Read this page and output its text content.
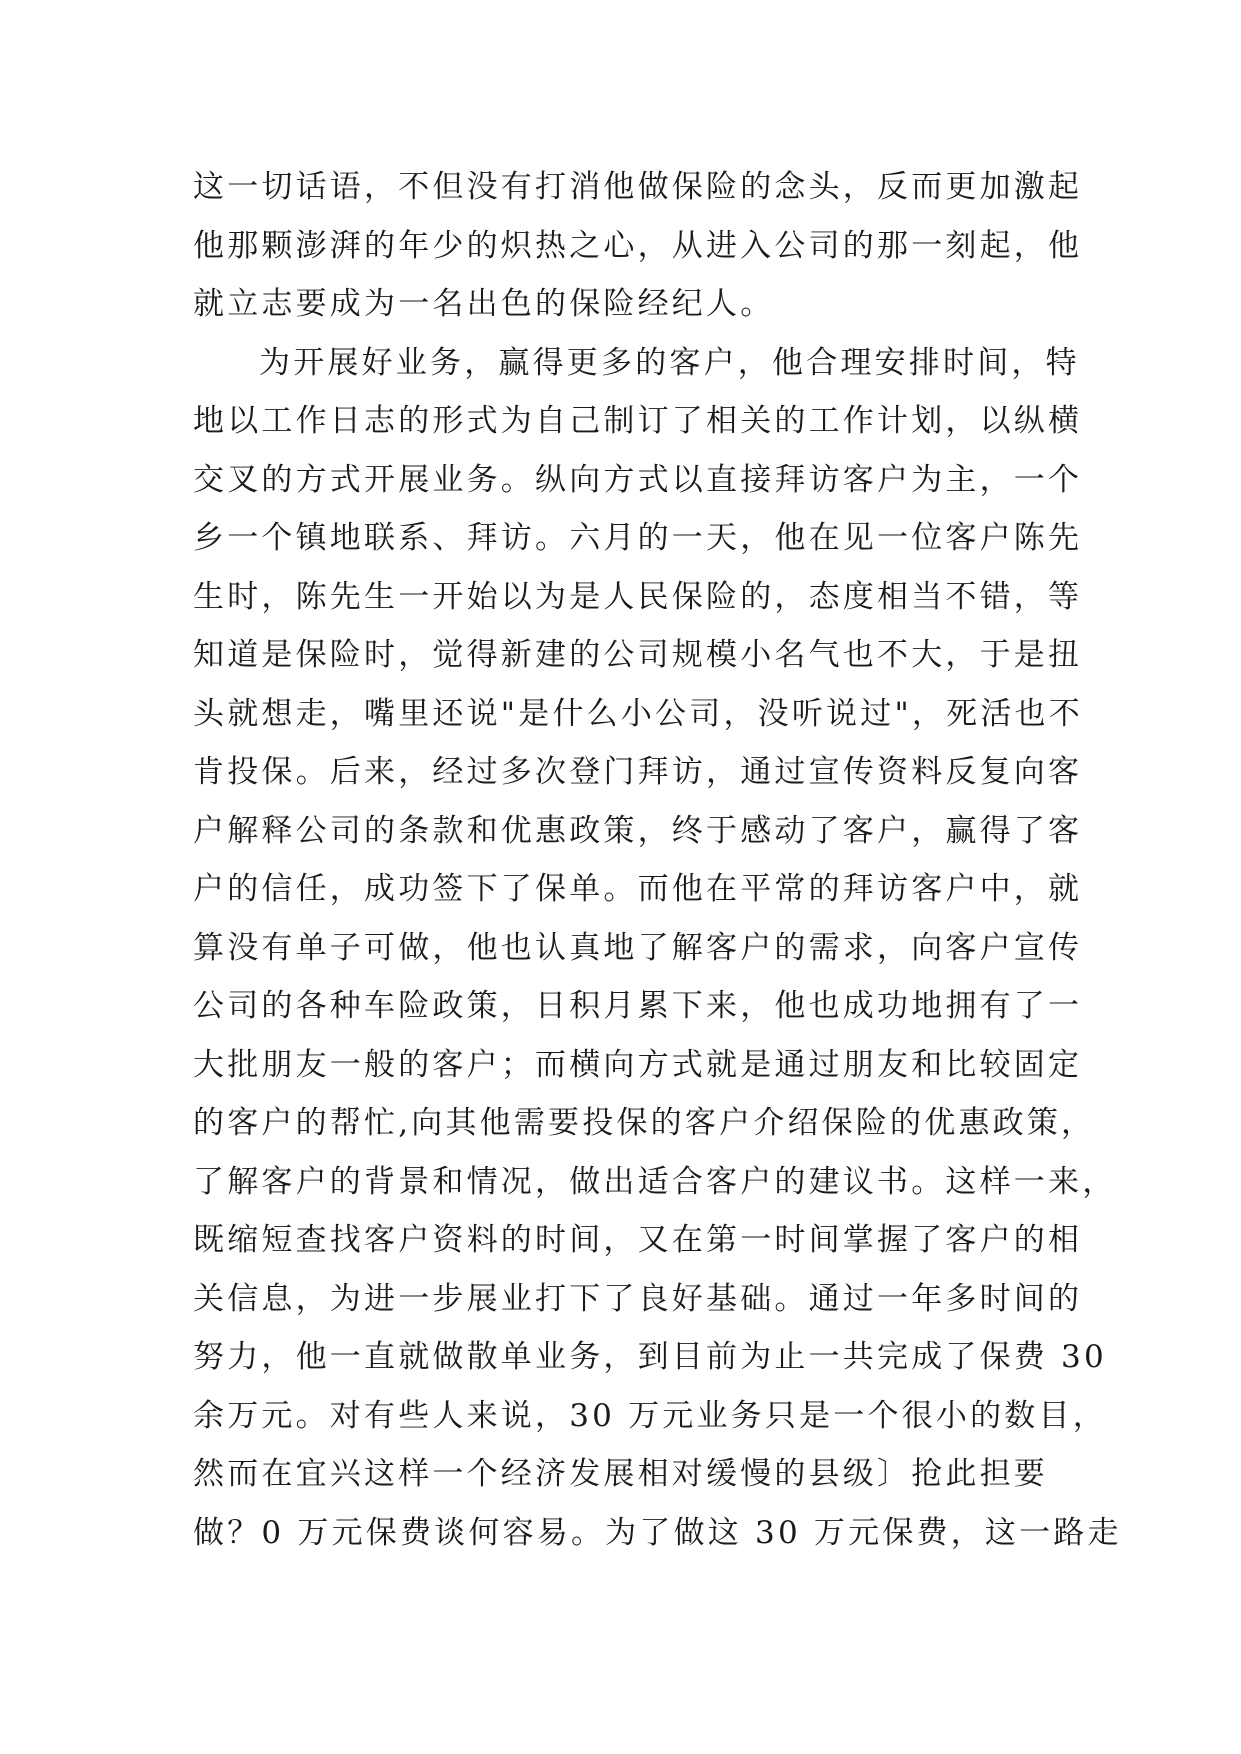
这一切话语，不但没有打消他做保险的念头，反而更加激起
他那颗澎湃的年少的炽热之心，从进入公司的那一刻起，他
就立志要成为一名出色的保险经纪人。
为开展好业务，赢得更多的客户，他合理安排时间，特
地以工作日志的形式为自己制订了相关的工作计划，以纵横
交叉的方式开展业务。纵向方式以直接拜访客户为主，一个
乡一个镇地联系、拜访。六月的一天，他在见一位客户陈先
生时，陈先生一开始以为是人民保险的，态度相当不错，等
知道是保险时，觉得新建的公司规模小名气也不大，于是扭
头就想走，嘴里还说"是什么小公司，没听说过"，死活也不
肯投保。后来，经过多次登门拜访，通过宣传资料反复向客
户解释公司的条款和优惠政策，终于感动了客户，赢得了客
户的信任，成功签下了保单。而他在平常的拜访客户中，就
算没有单子可做，他也认真地了解客户的需求，向客户宣传
公司的各种车险政策，日积月累下来，他也成功地拥有了一
大批朋友一般的客户；而横向方式就是通过朋友和比较固定
的客户的帮忙,向其他需要投保的客户介绍保险的优惠政策，
了解客户的背景和情况，做出适合客户的建议书。这样一来，
既缩短查找客户资料的时间，又在第一时间掌握了客户的相
关信息，为进一步展业打下了良好基础。通过一年多时间的
努力，他一直就做散单业务，到目前为止一共完成了保费 30
余万元。对有些人来说，30 万元业务只是一个很小的数目，
然而在宜兴这样一个经济发展相对缓慢的县级〕抢此担要
做？0 万元保费谈何容易。为了做这 30 万元保费，这一路走
